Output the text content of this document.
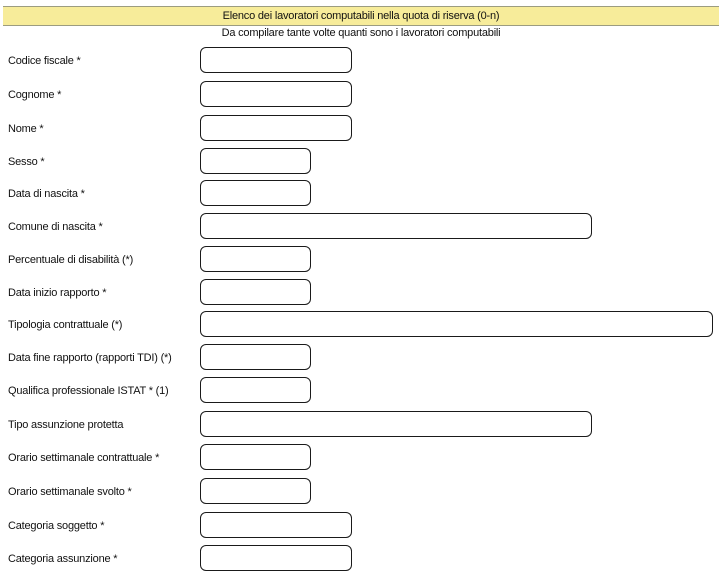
Elenco dei lavoratori computabili nella quota di riserva (0-n)
Da compilare tante volte quanti sono i lavoratori computabili
Codice fiscale *
Cognome *
Nome *
Sesso *
Data di nascita *
Comune di nascita *
Percentuale di disabilità (*)
Data inizio rapporto *
Tipologia contrattuale (*)
Data fine rapporto (rapporti TDI) (*)
Qualifica professionale ISTAT * (1)
Tipo assunzione protetta
Orario settimanale contrattuale *
Orario settimanale svolto *
Categoria soggetto *
Categoria assunzione *
